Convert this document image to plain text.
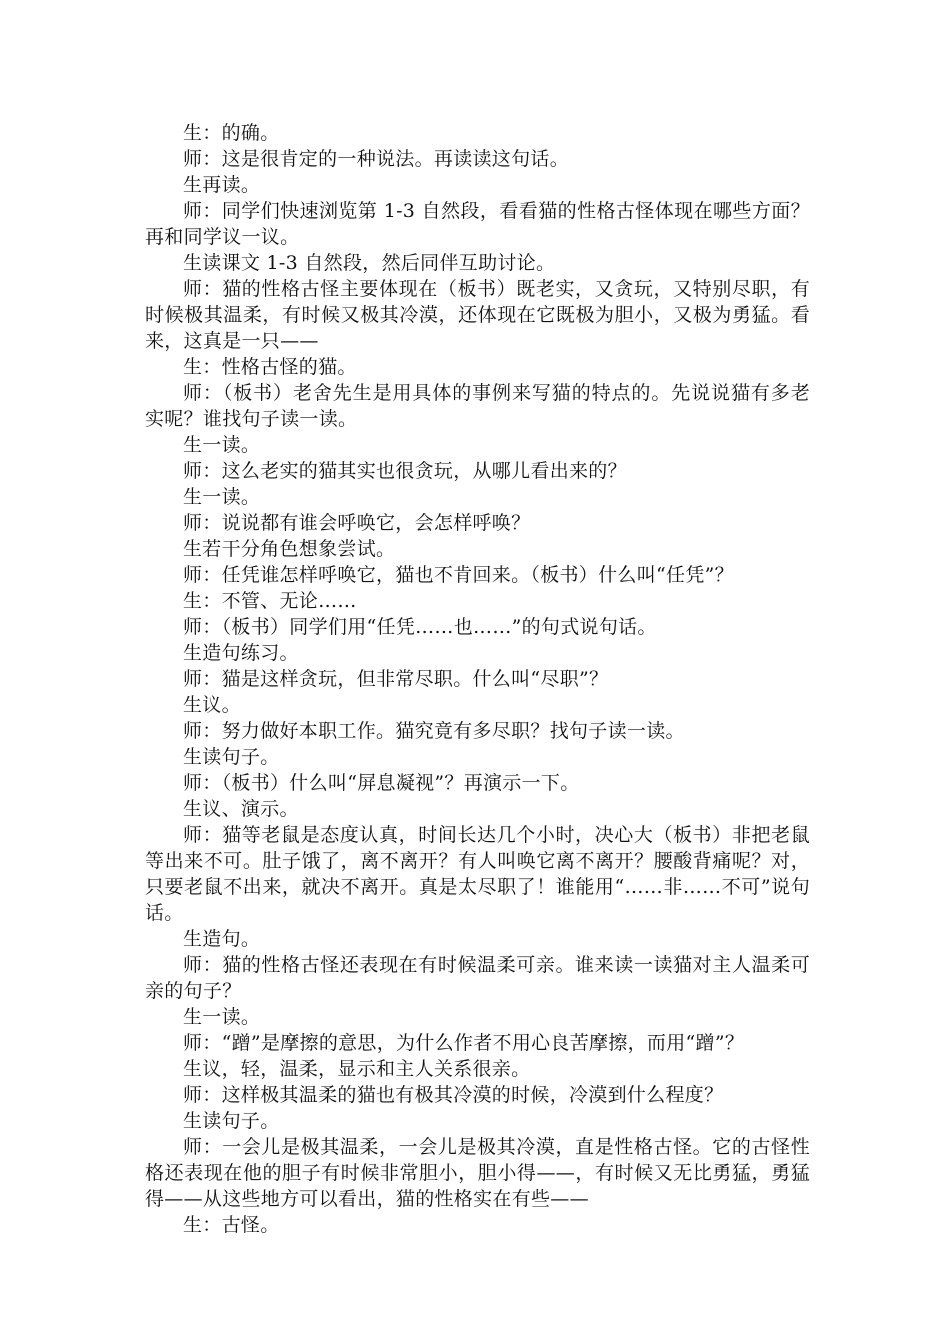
生：的确。

师：这是很肯定的一种说法。再读读这句话。

生再读。

师：同学们快速浏览第 1-3 自然段，看看猫的性格古怪体现在哪些方面？再和同学议一议。

生读课文 1-3 自然段，然后同伴互助讨论。

师：猫的性格古怪主要体现在（板书）既老实，又贪玩，又特别尽职，有时候极其温柔，有时候又极其冷漠，还体现在它既极为胆小，又极为勇猛。看来，这真是一只——

生：性格古怪的猫。

师：（板书）老舍先生是用具体的事例来写猫的特点的。先说说猫有多老实呢？谁找句子读一读。

生一读。

师：这么老实的猫其实也很贪玩，从哪儿看出来的？

生一读。

师：说说都有谁会呼唤它，会怎样呼唤？

生若干分角色想象尝试。

师：任凭谁怎样呼唤它，猫也不肯回来。（板书）什么叫“任凭”？

生：不管、无论……

师：（板书）同学们用“任凭……也……”的句式说句话。

生造句练习。

师：猫是这样贪玩，但非常尽职。什么叫“尽职”？

生议。

师：努力做好本职工作。猫究竟有多尽职？找句子读一读。

生读句子。

师：（板书）什么叫“屏息凝视”？再演示一下。

生议、演示。

师：猫等老鼠是态度认真，时间长达几个小时，决心大（板书）非把老鼠等出来不可。肚子饿了，离不离开？有人叫唤它离不离开？腰酸背痛呢？对，只要老鼠不出来，就决不离开。真是太尽职了！谁能用“……非……不可”说句话。

生造句。

师：猫的性格古怪还表现在有时候温柔可亲。谁来读一读猫对主人温柔可亲的句子？

生一读。

师：“蹭”是摩擦的意思，为什么作者不用心良苦摩擦，而用“蹭”？

生议，轻，温柔，显示和主人关系很亲。

师：这样极其温柔的猫也有极其冷漠的时候，冷漠到什么程度？

生读句子。

师：一会儿是极其温柔，一会儿是极其冷漠，直是性格古怪。它的古怪性格还表现在他的胆子有时候非常胆小，胆小得——，有时候又无比勇猛，勇猛得——从这些地方可以看出，猫的性格实在有些——

生：古怪。
